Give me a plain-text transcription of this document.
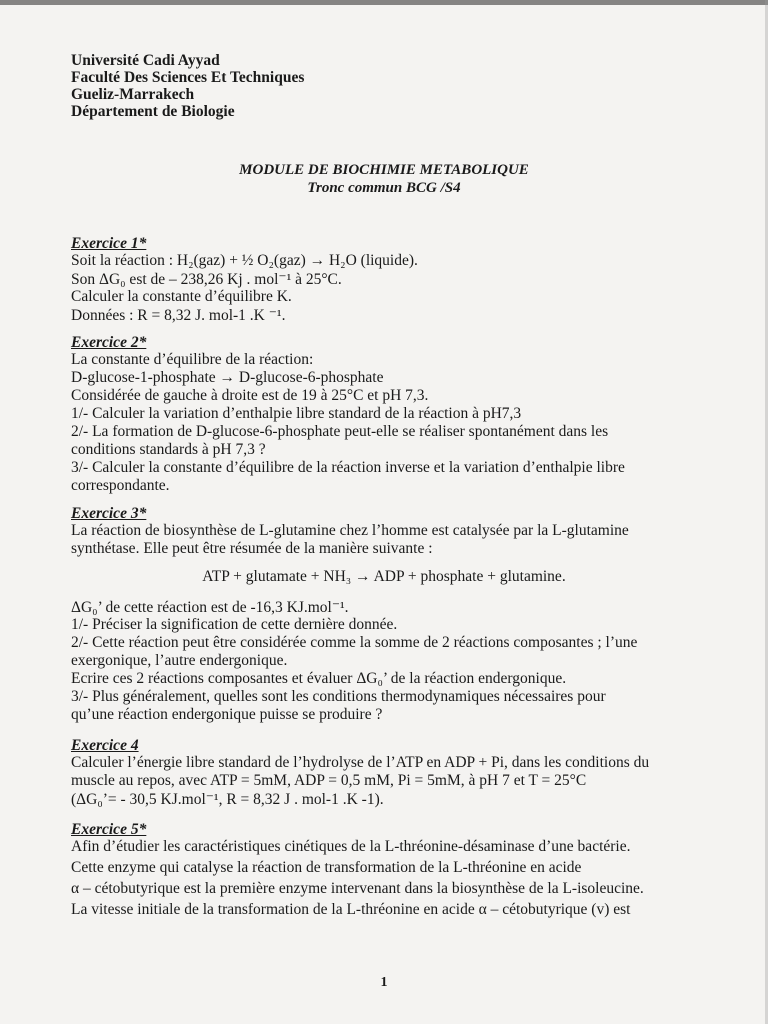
Université Cadi Ayyad
Faculté Des Sciences Et Techniques
Gueliz-Marrakech
Département de Biologie
MODULE DE BIOCHIMIE METABOLIQUE
Tronc commun BCG /S4
Exercice 1*
Soit la réaction : H₂(gaz) + ½ O₂(gaz) → H₂O (liquide).
Son ΔG₀ est de – 238,26 Kj . mol⁻¹ à 25°C.
Calculer la constante d’équilibre K.
Données : R = 8,32 J. mol-1 .K ⁻¹.
Exercice 2*
La constante d’équilibre de la réaction:
D-glucose-1-phosphate → D-glucose-6-phosphate
Considérée de gauche à droite est de 19 à 25°C et pH 7,3.
1/- Calculer la variation d’enthalpie libre standard de la réaction à pH7,3
2/- La formation de D-glucose-6-phosphate peut-elle se réaliser spontanément dans les
conditions standards à pH 7,3 ?
3/- Calculer la constante d’équilibre de la réaction inverse et la variation d’enthalpie libre
correspondante.
Exercice 3*
La réaction de biosynthèse de L-glutamine chez l’homme est catalysée par la L-glutamine
synthétase. Elle peut être résumée de la manière suivante :
ATP + glutamate + NH₃ → ADP + phosphate + glutamine.
ΔG₀’ de cette réaction est de -16,3 KJ.mol⁻¹.
1/- Préciser la signification de cette dernière donnée.
2/- Cette réaction peut être considérée comme la somme de 2 réactions composantes ; l’une
exergonique, l’autre endergonique.
Ecrire ces 2 réactions composantes et évaluer ΔG₀’ de la réaction endergonique.
3/- Plus généralement, quelles sont les conditions thermodynamiques nécessaires pour
qu’une réaction endergonique puisse se produire ?
Exercice 4
Calculer l’énergie libre standard de l’hydrolyse de l’ATP en ADP + Pi, dans les conditions du
muscle au repos, avec ATP = 5mM, ADP = 0,5 mM, Pi = 5mM, à pH 7 et T = 25°C
(ΔG₀’= - 30,5 KJ.mol⁻¹, R = 8,32 J . mol-1 .K -1).
Exercice 5*
Afin d’étudier les caractéristiques cinétiques de la L-thréonine-désaminase d’une bactérie.
Cette enzyme qui catalyse la réaction de transformation de la L-thréonine en acide
α – cétobutyrique est la première enzyme intervenant dans la biosynthèse de la L-isoleucine.
La vitesse initiale de la transformation de la L-thréonine en acide α – cétobutyrique (v) est
1
